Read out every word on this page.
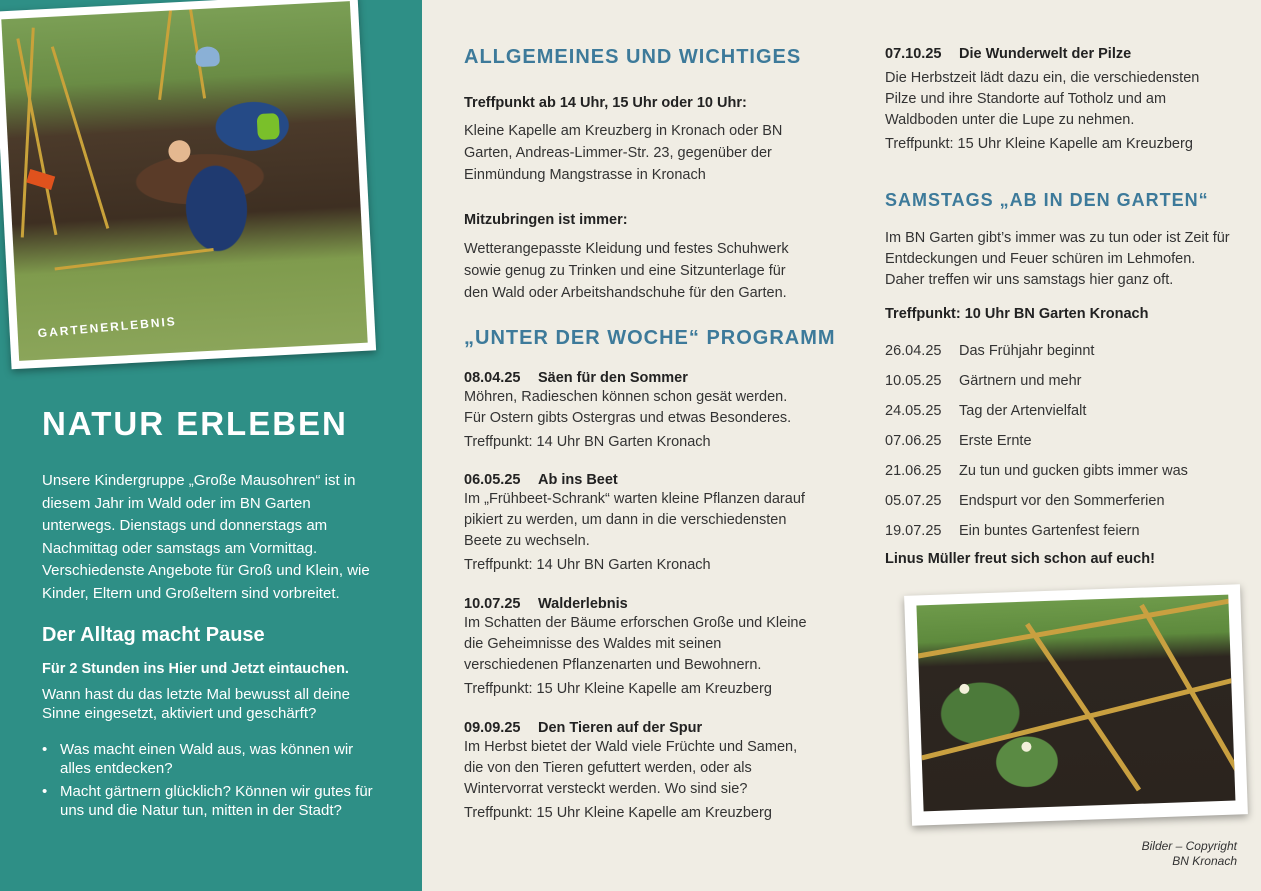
GARTENERLEBNIS
NATUR ERLEBEN

Unsere Kindergruppe „Große Mausohren“ ist in diesem Jahr im Wald oder im BN Garten unterwegs. Dienstags und donnerstags am Nachmittag oder samstags am Vormittag. Verschiedenste Angebote für Groß und Klein, wie Kinder, Eltern und Großeltern sind vorbreitet.

Der Alltag macht Pause

Für 2 Stunden ins Hier und Jetzt eintauchen.

Wann hast du das letzte Mal bewusst all deine Sinne eingesetzt, aktiviert und geschärft?

• Was macht einen Wald aus, was können wir alles entdecken?
• Macht gärtnern glücklich? Können wir gutes für uns und die Natur tun, mitten in der Stadt?
ALLGEMEINES UND WICHTIGES
Treffpunkt ab 14 Uhr, 15 Uhr oder 10 Uhr:
Kleine Kapelle am Kreuzberg in Kronach oder BN Garten, Andreas-Limmer-Str. 23, gegenüber der Einmündung Mangstrasse in Kronach
Mitzubringen ist immer:
Wetterangepasste Kleidung und festes Schuhwerk sowie genug zu Trinken und eine Sitzunterlage für den Wald oder Arbeitshandschuhe für den Garten.
„UNTER DER WOCHE“ PROGRAMM
08.04.25 Säen für den Sommer
Möhren, Radieschen können schon gesät werden. Für Ostern gibts Ostergras und etwas Besonderes.
Treffpunkt: 14 Uhr BN Garten Kronach
06.05.25 Ab ins Beet
Im „Frühbeet-Schrank“ warten kleine Pflanzen darauf pikiert zu werden, um dann in die verschiedensten Beete zu wechseln.
Treffpunkt: 14 Uhr BN Garten Kronach
10.07.25 Walderlebnis
Im Schatten der Bäume erforschen Große und Kleine die Geheimnisse des Waldes mit seinen verschiedenen Pflanzenarten und Bewohnern.
Treffpunkt: 15 Uhr Kleine Kapelle am Kreuzberg
09.09.25 Den Tieren auf der Spur
Im Herbst bietet der Wald viele Früchte und Samen, die von den Tieren gefuttert werden, oder als Wintervorrat versteckt werden. Wo sind sie?
Treffpunkt: 15 Uhr Kleine Kapelle am Kreuzberg
07.10.25 Die Wunderwelt der Pilze
Die Herbstzeit lädt dazu ein, die verschiedensten Pilze und ihre Standorte auf Totholz und am Waldboden unter die Lupe zu nehmen.
Treffpunkt: 15 Uhr Kleine Kapelle am Kreuzberg
SAMSTAGS „AB IN DEN GARTEN“
Im BN Garten gibt’s immer was zu tun oder ist Zeit für Entdeckungen und Feuer schüren im Lehmofen. Daher treffen wir uns samstags hier ganz oft.
Treffpunkt: 10 Uhr BN Garten Kronach
26.04.25	Das Frühjahr beginnt
10.05.25	Gärtnern und mehr
24.05.25	Tag der Artenvielfalt
07.06.25	Erste Ernte
21.06.25	Zu tun und gucken gibts immer was
05.07.25	Endspurt vor den Sommerferien
19.07.25	Ein buntes Gartenfest feiern
Linus Müller freut sich schon auf euch!
Bilder – Copyright
BN Kronach
